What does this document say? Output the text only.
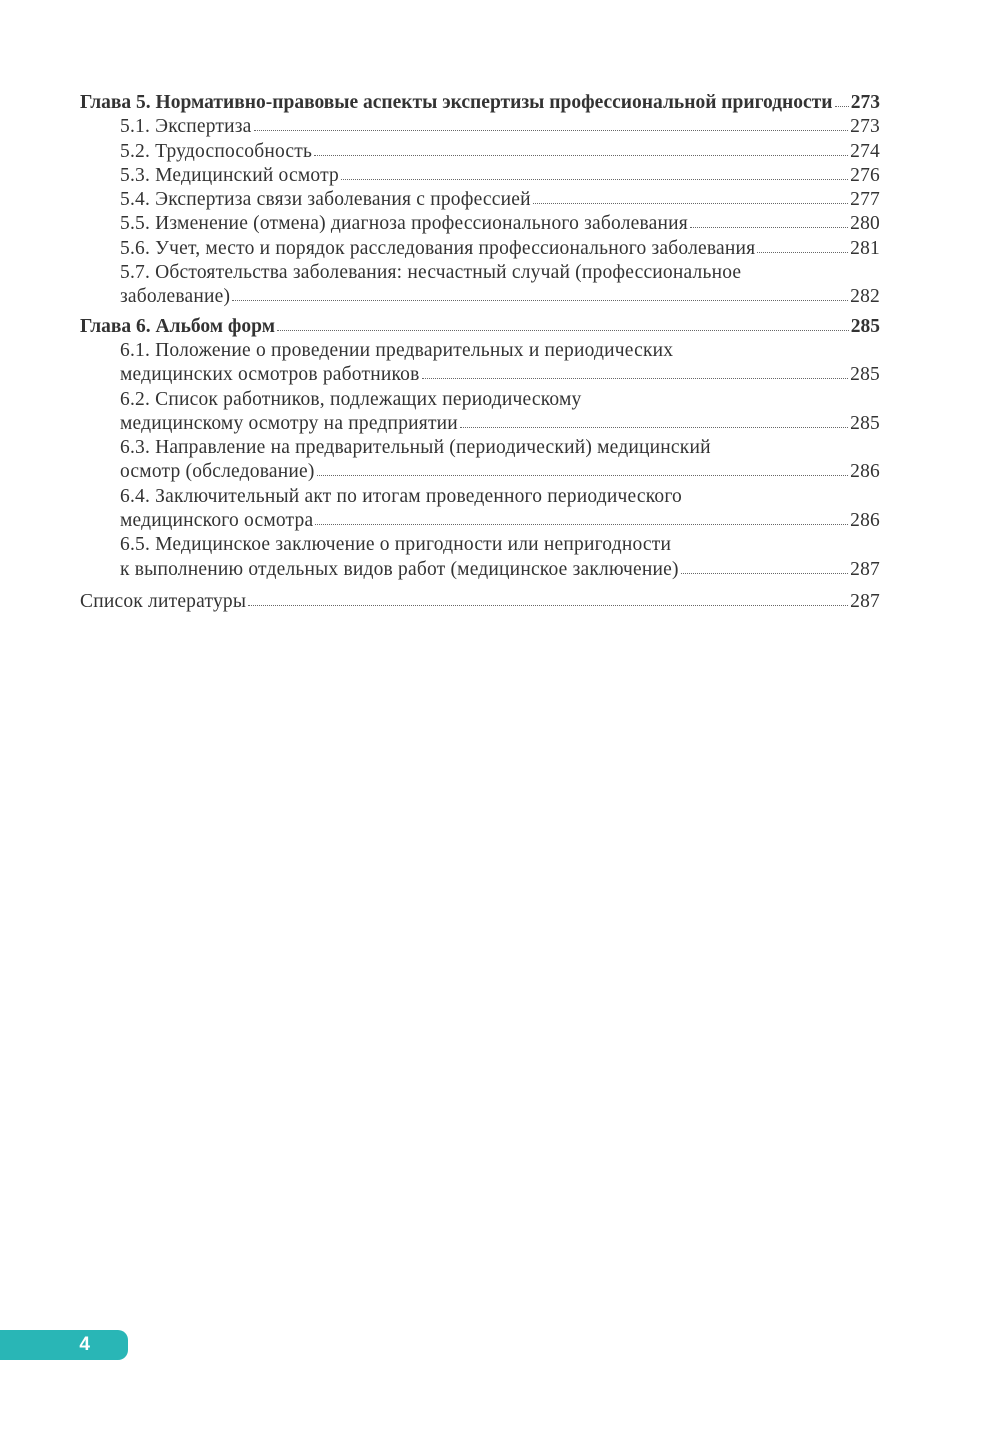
Глава 5. Нормативно-правовые аспекты экспертизы профессиональной пригодности 273
5.1. Экспертиза	273
5.2. Трудоспособность	274
5.3. Медицинский осмотр	276
5.4. Экспертиза связи заболевания с профессией	277
5.5. Изменение (отмена) диагноза профессионального заболевания	280
5.6. Учет, место и порядок расследования профессионального заболевания	281
5.7. Обстоятельства заболевания: несчастный случай (профессиональное
заболевание)	282
Глава 6. Альбом форм	285
6.1. Положение о проведении предварительных и периодических
медицинских осмотров работников	285
6.2. Список работников, подлежащих периодическому
медицинскому осмотру на предприятии	285
6.3. Направление на предварительный (периодический) медицинский
осмотр (обследование)	286
6.4. Заключительный акт по итогам проведенного периодического
медицинского осмотра	286
6.5. Медицинское заключение о пригодности или непригодности
к выполнению отдельных видов работ (медицинское заключение)	287
Список литературы	287
4
